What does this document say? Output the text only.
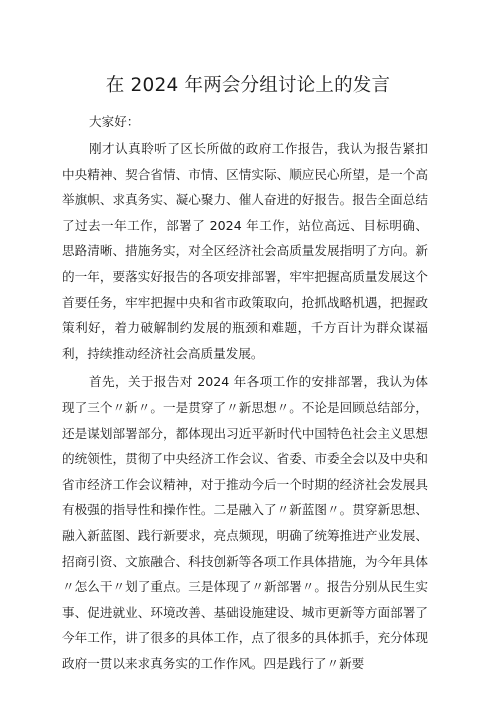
在 2024 年两会分组讨论上的发言

大家好：

刚才认真聆听了区长所做的政府工作报告，我认为报告紧扣中央精神、契合省情、市情、区情实际、顺应民心所望，是一个高举旗帜、求真务实、凝心聚力、催人奋进的好报告。报告全面总结了过去一年工作，部署了 2024 年工作，站位高远、目标明确、思路清晰、措施务实，对全区经济社会高质量发展指明了方向。新的一年，要落实好报告的各项安排部署，牢牢把握高质量发展这个首要任务，牢牢把握中央和省市政策取向，抢抓战略机遇，把握政策利好，着力破解制约发展的瓶颈和难题，千方百计为群众谋福利，持续推动经济社会高质量发展。

首先，关于报告对 2024 年各项工作的安排部署，我认为体现了三个〃新〃。一是贯穿了〃新思想〃。不论是回顾总结部分，还是谋划部署部分，都体现出习近平新时代中国特色社会主义思想的统领性，贯彻了中央经济工作会议、省委、市委全会以及中央和省市经济工作会议精神，对于推动今后一个时期的经济社会发展具有极强的指导性和操作性。二是融入了〃新蓝图〃。贯穿新思想、融入新蓝图、践行新要求，亮点频现，明确了统筹推进产业发展、招商引资、文旅融合、科技创新等各项工作具体措施，为今年具体〃怎么干〃划了重点。三是体现了〃新部署〃。报告分别从民生实事、促进就业、环境改善、基础设施建设、城市更新等方面部署了今年工作，讲了很多的具体工作，点了很多的具体抓手，充分体现政府一贯以来求真务实的工作作风。四是践行了〃新要
